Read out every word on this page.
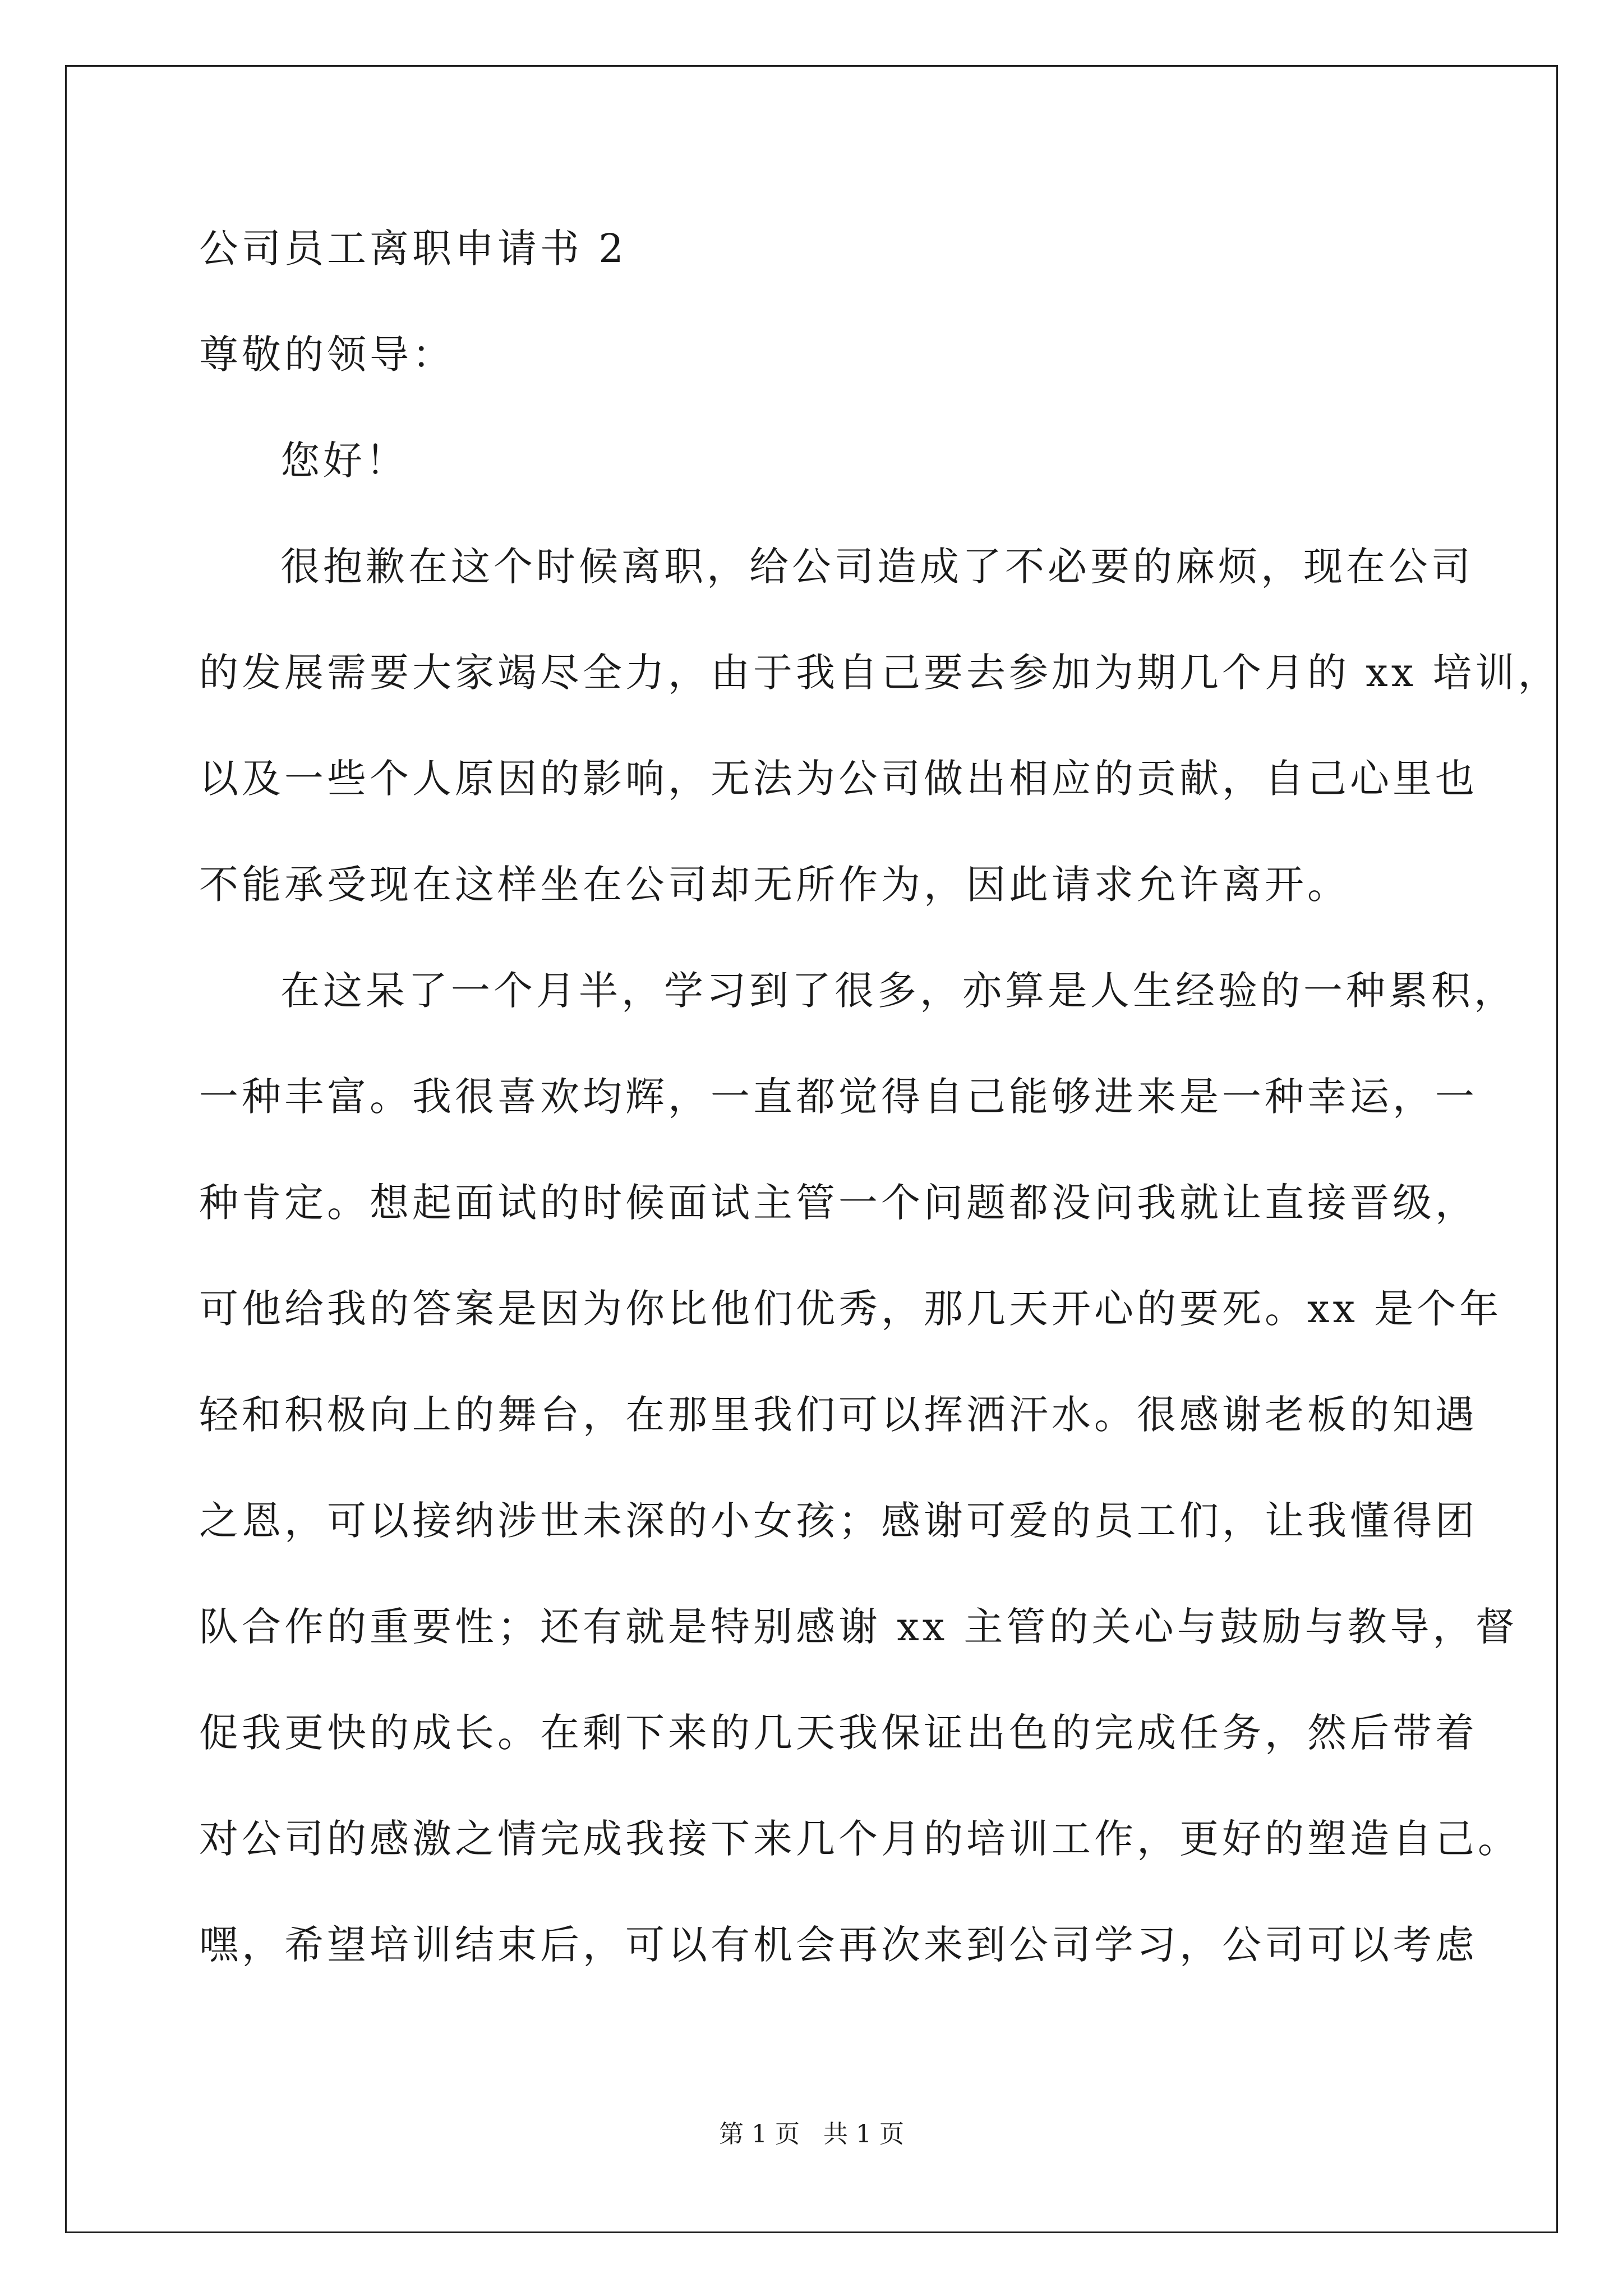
公司员工离职申请书 2
尊敬的领导：
您好！
很抱歉在这个时候离职，给公司造成了不必要的麻烦，现在公司
的发展需要大家竭尽全力，由于我自己要去参加为期几个月的 xx 培训，
以及一些个人原因的影响，无法为公司做出相应的贡献，自己心里也
不能承受现在这样坐在公司却无所作为，因此请求允许离开。
在这呆了一个月半，学习到了很多，亦算是人生经验的一种累积，
一种丰富。我很喜欢均辉，一直都觉得自己能够进来是一种幸运，一
种肯定。想起面试的时候面试主管一个问题都没问我就让直接晋级，
可他给我的答案是因为你比他们优秀，那几天开心的要死。xx 是个年
轻和积极向上的舞台，在那里我们可以挥洒汗水。很感谢老板的知遇
之恩，可以接纳涉世未深的小女孩；感谢可爱的员工们，让我懂得团
队合作的重要性；还有就是特别感谢 xx 主管的关心与鼓励与教导，督
促我更快的成长。在剩下来的几天我保证出色的完成任务，然后带着
对公司的感激之情完成我接下来几个月的培训工作，更好的塑造自己。
嘿，希望培训结束后，可以有机会再次来到公司学习，公司可以考虑
第 1 页 共 1 页
